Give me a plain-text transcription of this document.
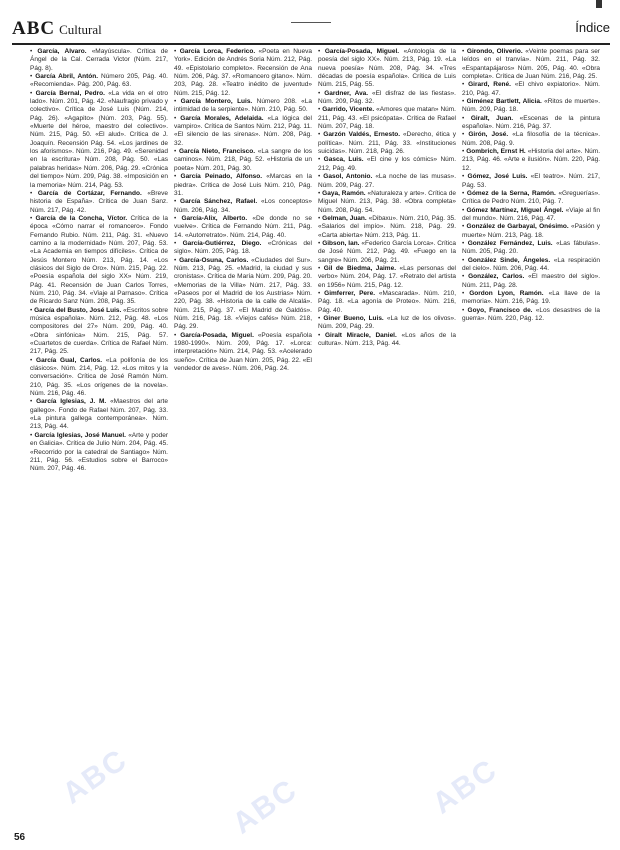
ABC Cultural	Índice

• García, Álvaro. «Mayúscula». Crítica de Ángel de la Cal. Cerrada Victor (Núm. 217, Pág. 8).

• García Abril, Antón. Número 205, Pág. 40. «Recomienda». Pág. 200, Pág. 63.

• García Bernal, Pedro. «La vida en el otro lado». Núm. 201, Pág. 42. «Naufragio privado y colectivo». Crítica de José Luis (Núm. 214, Pág. 26). «Agapito» (Núm. 203, Pág. 55). «Muerte del héroe, maestro del colectivo». Núm. 215, Pág. 50. «El alud». Crítica de J. Joaquín. Recensión Pág. 54. «Los jardines de los aforismos». Núm. 216, Pág. 49. «Serenidad en la escritura» Núm. 208, Pág. 50. «Las palabras heridas» Núm. 206, Pág. 29. «Crónica del tiempo» Núm. 209, Pág. 38. «Imposición en la memoria» Núm. 214, Pág. 53.

• García de Cortázar, Fernando. «Breve historia de España». Crítica de Juan Sanz. Núm. 217, Pág. 42.

• García de la Concha, Víctor. Crítica de la época «Cómo narrar el romancero». Fondo Fernando Rubio. Núm. 211, Pág. 31. «Nuevo camino a la modernidad» Núm. 207, Pág. 53. «La Academia en tiempos difíciles». Crítica de Jesús Montero Núm. 213, Pág. 14. «Los clásicos del Siglo de Oro». Núm. 215, Pág. 22. «Poesía española del siglo XX» Núm. 219, Pág. 41. Recensión de Juan Carlos Torres, Núm. 210, Pág. 34. «Viaje al Parnaso». Crítica de Ricardo Sanz Núm. 208, Pág. 35.

• García del Busto, José Luis. «Escritos sobre música española». Núm. 212, Pág. 48. «Los compositores del 27» Núm. 209, Pág. 40. «Obra sinfónica» Núm. 215, Pág. 57. «Cuartetos de cuerda». Crítica de Rafael Núm. 217, Pág. 25.

• García Gual, Carlos. «La polifonía de los clásicos». Núm. 214, Pág. 12. «Los mitos y la conversación». Crítica de José Ramón Núm. 210, Pág. 35. «Los orígenes de la novela». Núm. 216, Pág. 46.

• García Iglesias, J. M. «Maestros del arte gallego». Fondo de Rafael Núm. 207, Pág. 33. «La pintura gallega contemporánea». Núm. 213, Pág. 44.

• García Iglesias, José Manuel. «Arte y poder en Galicia». Crítica de Julio Núm. 204, Pág. 45. «Recorrido por la catedral de Santiago» Núm. 211, Pág. 56. «Estudios sobre el Barroco» Núm. 207, Pág. 46.

• García Lorca, Federico. «Poeta en Nueva York». Edición de Andrés Soria Núm. 212, Pág. 49. «Epistolario completo». Recensión de Ana Núm. 206, Pág. 37. «Romancero gitano». Núm. 203, Pág. 28. «Teatro inédito de juventud» Núm. 215, Pág. 12.

• García Montero, Luis. Número 208. «La intimidad de la serpiente». Núm. 210, Pág. 50.

• García Morales, Adelaida. «La lógica del vampiro». Crítica de Santos Núm. 212, Pág. 11. «El silencio de las sirenas». Núm. 208, Pág. 32.

• García Nieto, Francisco. «La sangre de los caminos». Núm. 218, Pág. 52. «Historia de un poeta» Núm. 201, Pág. 30.

• García Peinado, Alfonso. «Marcas en la piedra». Crítica de José Luis Núm. 210, Pág. 31.

• García Sánchez, Rafael. «Los conceptos» Núm. 206, Pág. 34.

• García-Alix, Alberto. «De donde no se vuelve». Crítica de Fernando Núm. 211, Pág. 14. «Autorretrato». Núm. 214, Pág. 40.

• García-Gutiérrez, Diego. «Crónicas del siglo». Núm. 205, Pág. 18.

• García-Osuna, Carlos. «Ciudades del Sur». Núm. 213, Pág. 25. «Madrid, la ciudad y sus cronistas». Crítica de María Núm. 209, Pág. 20. «Memorias de la Villa» Núm. 217, Pág. 33. «Paseos por el Madrid de los Austrias» Núm. 220, Pág. 38. «Historia de la calle de Alcalá». Núm. 215, Pág. 37. «El Madrid de Galdós». Núm. 216, Pág. 18. «Viejos cafés» Núm. 218, Pág. 29.

• García-Posada, Miguel. «Poesía española 1980-1990». Núm. 209, Pág. 17. «Lorca: interpretación» Núm. 214, Pág. 53. «Acelerado sueño». Crítica de Juan Núm. 205, Pág. 22. «El vendedor de aves». Núm. 206, Pág. 24.

• García-Posada, Miguel. «Antología de la poesía del siglo XX». Núm. 213, Pág. 19. «La nueva poesía» Núm. 208, Pág. 34. «Tres décadas de poesía española». Crítica de Luis Núm. 215, Pág. 55.

• Gardner, Ava. «El disfraz de las fiestas». Núm. 209, Pág. 32.

• Garrido, Vicente. «Amores que matan» Núm. 211, Pág. 43. «El psicópata». Crítica de Rafael Núm. 207, Pág. 18.

• Garzón Valdés, Ernesto. «Derecho, ética y política». Núm. 211, Pág. 33. «Instituciones suicidas». Núm. 218, Pág. 26.

• Gasca, Luis. «El cine y los cómics» Núm. 212, Pág. 49.

• Gasol, Antonio. «La noche de las musas». Núm. 209, Pág. 27.

• Gaya, Ramón. «Naturaleza y arte». Crítica de Miguel Núm. 213, Pág. 38. «Obra completa» Núm. 208, Pág. 54.

• Gelman, Juan. «Dibaxu». Núm. 210, Pág. 35. «Salarios del impío». Núm. 218, Pág. 29. «Carta abierta» Núm. 213, Pág. 11.

• Gibson, Ian. «Federico García Lorca». Crítica de José Núm. 212, Pág. 49. «Fuego en la sangre» Núm. 206, Pág. 21.

• Gil de Biedma, Jaime. «Las personas del verbo» Núm. 204, Pág. 17. «Retrato del artista en 1956» Núm. 215, Pág. 12.

• Gimferrer, Pere. «Mascarada». Núm. 210, Pág. 18. «La agonía de Proteo». Núm. 216, Pág. 40.

• Giner Bueno, Luis. «La luz de los olivos». Núm. 209, Pág. 29.

• Giralt Miracle, Daniel. «Los años de la cultura». Núm. 213, Pág. 44.

• Girondo, Oliverio. «Veinte poemas para ser leídos en el tranvía». Núm. 211, Pág. 32. «Espantapájaros» Núm. 205, Pág. 40. «Obra completa». Crítica de Juan Núm. 216, Pág. 25.

• Girard, René. «El chivo expiatorio». Núm. 210, Pág. 47.

• Giménez Bartlett, Alicia. «Ritos de muerte». Núm. 209, Pág. 18.

• Giralt, Juan. «Escenas de la pintura española». Núm. 216, Pág. 37.

• Girón, José. «La filosofía de la técnica». Núm. 208, Pág. 9.

• Gombrich, Ernst H. «Historia del arte». Núm. 213, Pág. 46. «Arte e ilusión». Núm. 220, Pág. 12.

• Gómez, José Luis. «El teatro». Núm. 217, Pág. 53.

• Gómez de la Serna, Ramón. «Greguerías». Crítica de Pedro Núm. 210, Pág. 7.

• Gómez Martínez, Miguel Ángel. «Viaje al fin del mundo». Núm. 216, Pág. 47.

• González de Garbayal, Onésimo. «Pasión y muerte» Núm. 213, Pág. 18.

• González Fernández, Luis. «Las fábulas». Núm. 205, Pág. 20.

• González Sinde, Ángeles. «La respiración del cielo». Núm. 206, Pág. 44.

• González, Carlos. «El maestro del siglo». Núm. 211, Pág. 28.

• Gordon Lyon, Ramón. «La llave de la memoria». Núm. 216, Pág. 19.

• Goyo, Francisco de. «Los desastres de la guerra». Núm. 220, Pág. 12.

ABC	ABC	ABC
56
